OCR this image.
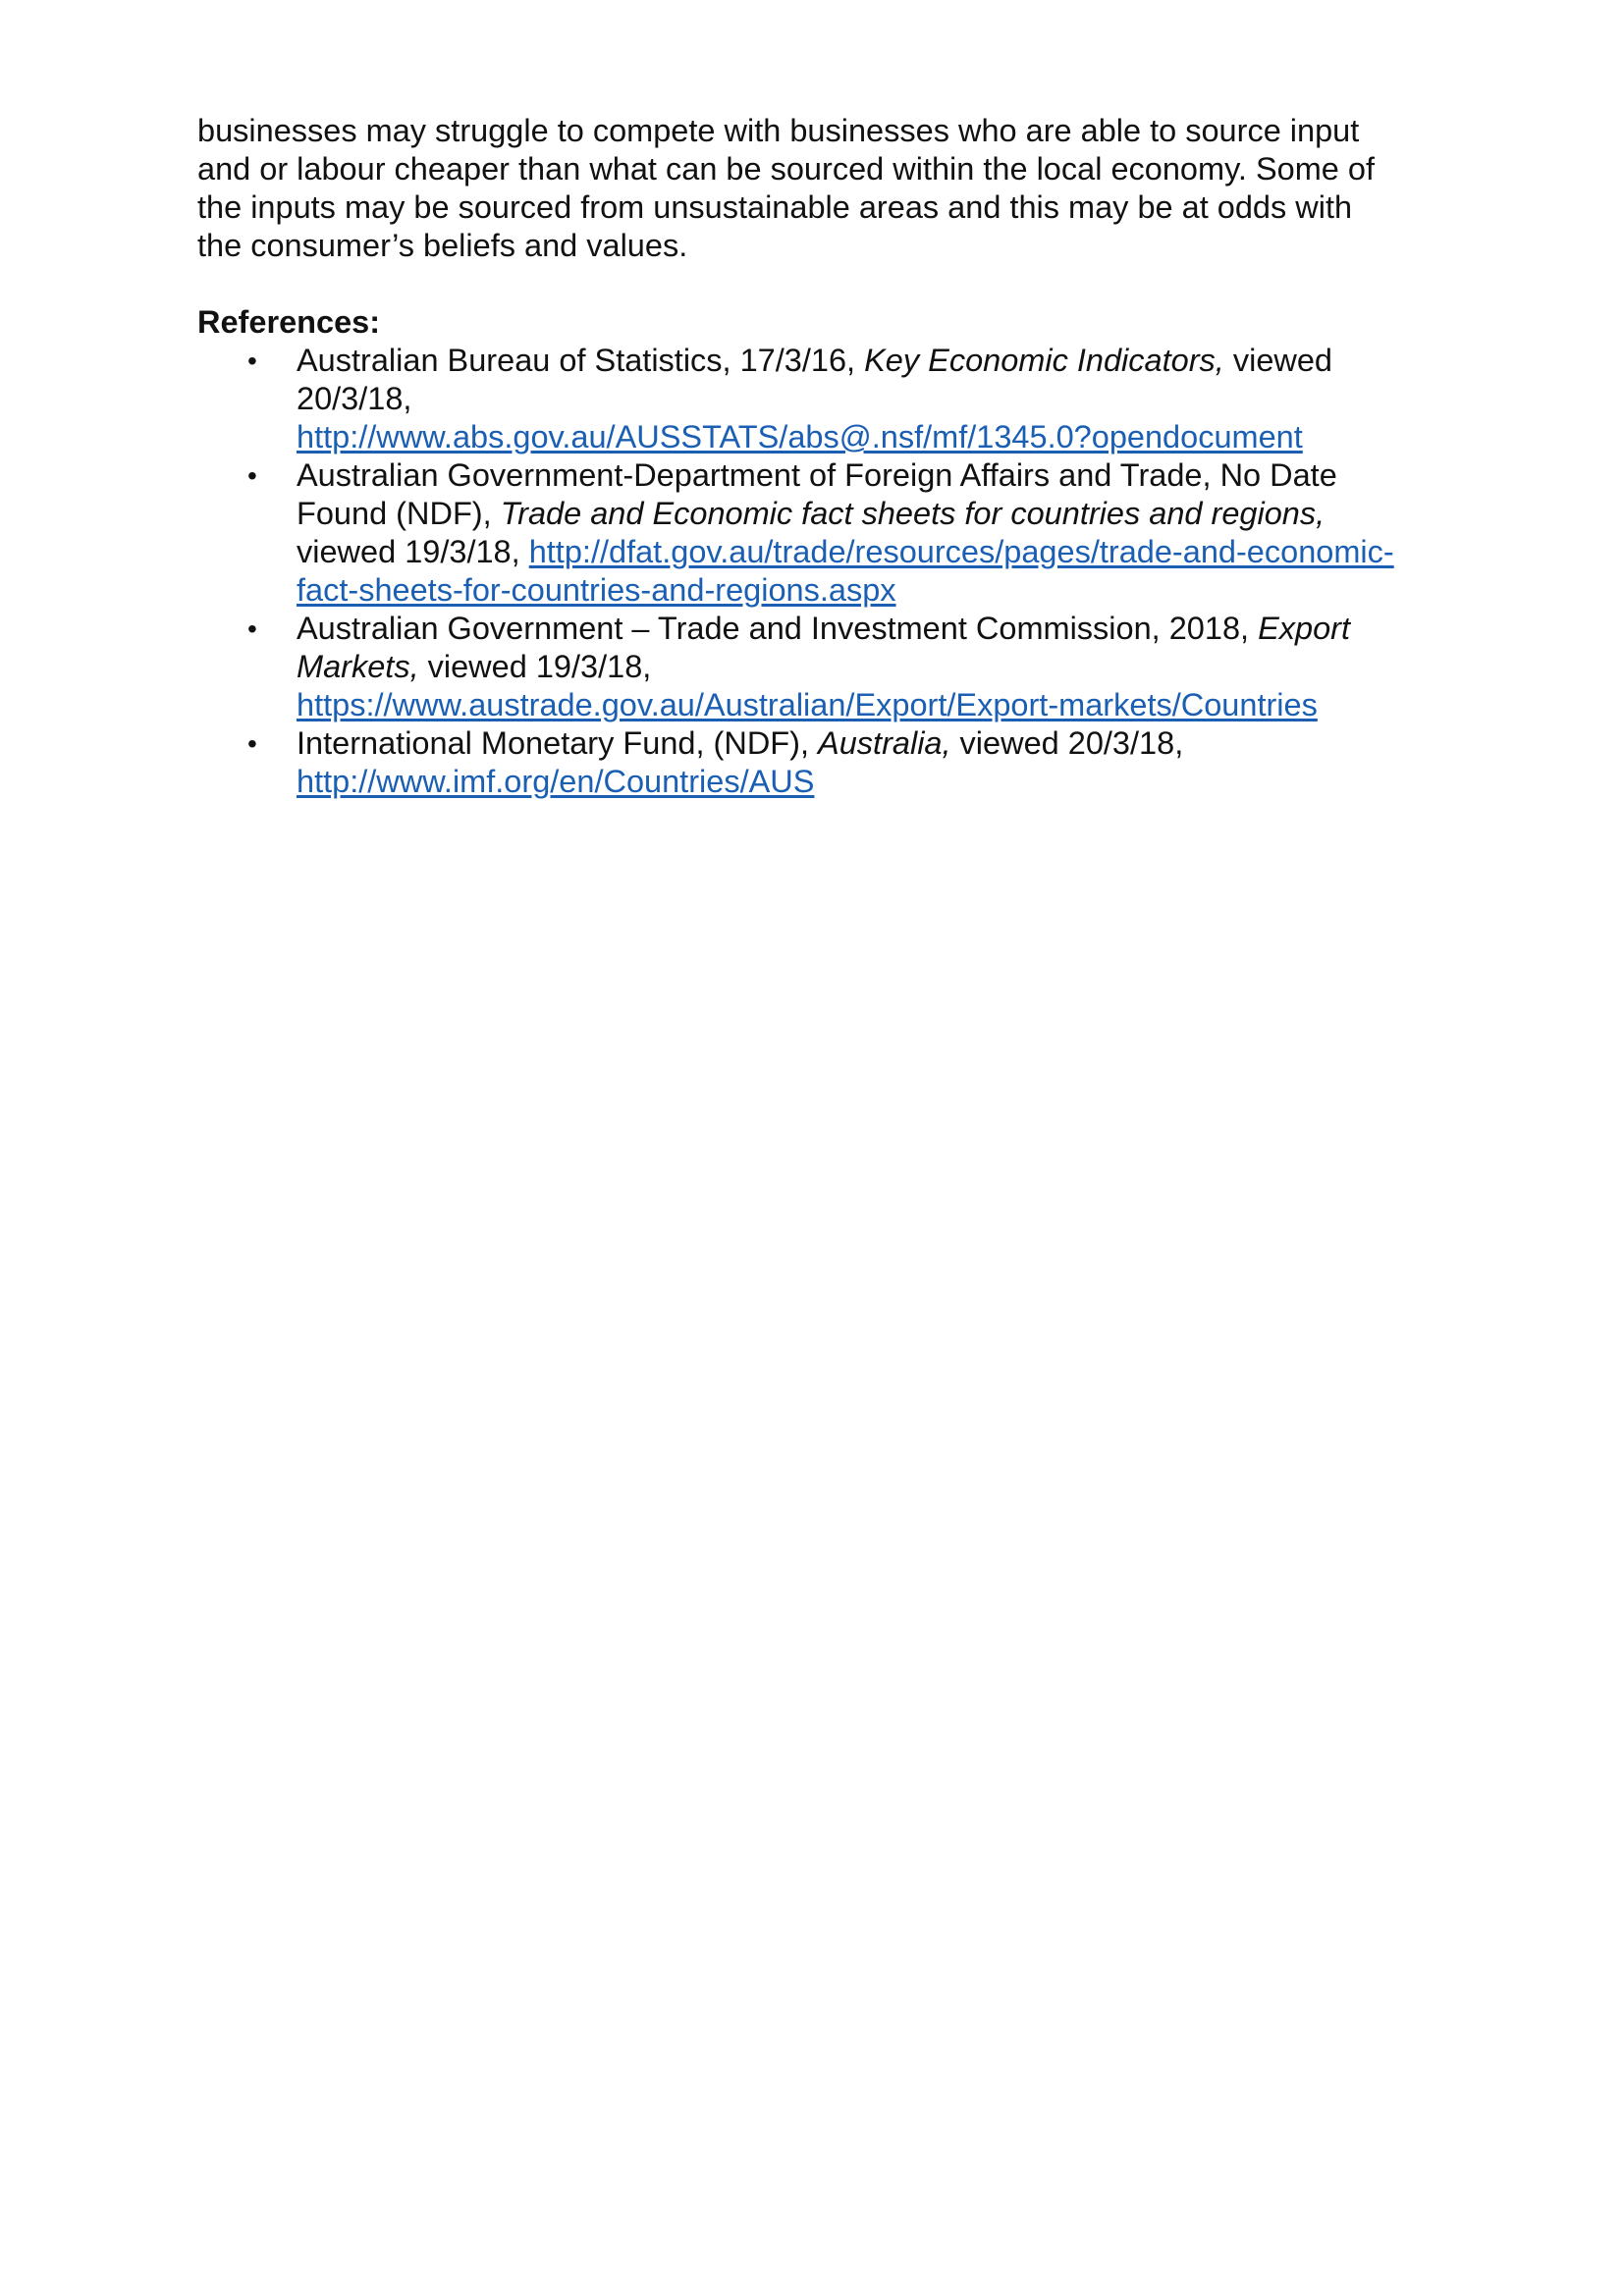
businesses may struggle to compete with businesses who are able to source input
and or labour cheaper than what can be sourced within the local economy. Some of
the inputs may be sourced from unsustainable areas and this may be at odds with
the consumer’s beliefs and values.

References:

• Australian Bureau of Statistics, 17/3/16, Key Economic Indicators, viewed
20/3/18,
http://www.abs.gov.au/AUSSTATS/abs@.nsf/mf/1345.0?opendocument
• Australian Government-Department of Foreign Affairs and Trade, No Date
Found (NDF), Trade and Economic fact sheets for countries and regions,
viewed 19/3/18, http://dfat.gov.au/trade/resources/pages/trade-and-economic-
fact-sheets-for-countries-and-regions.aspx
• Australian Government – Trade and Investment Commission, 2018, Export
Markets, viewed 19/3/18,
https://www.austrade.gov.au/Australian/Export/Export-markets/Countries
• International Monetary Fund, (NDF), Australia, viewed 20/3/18,
http://www.imf.org/en/Countries/AUS
